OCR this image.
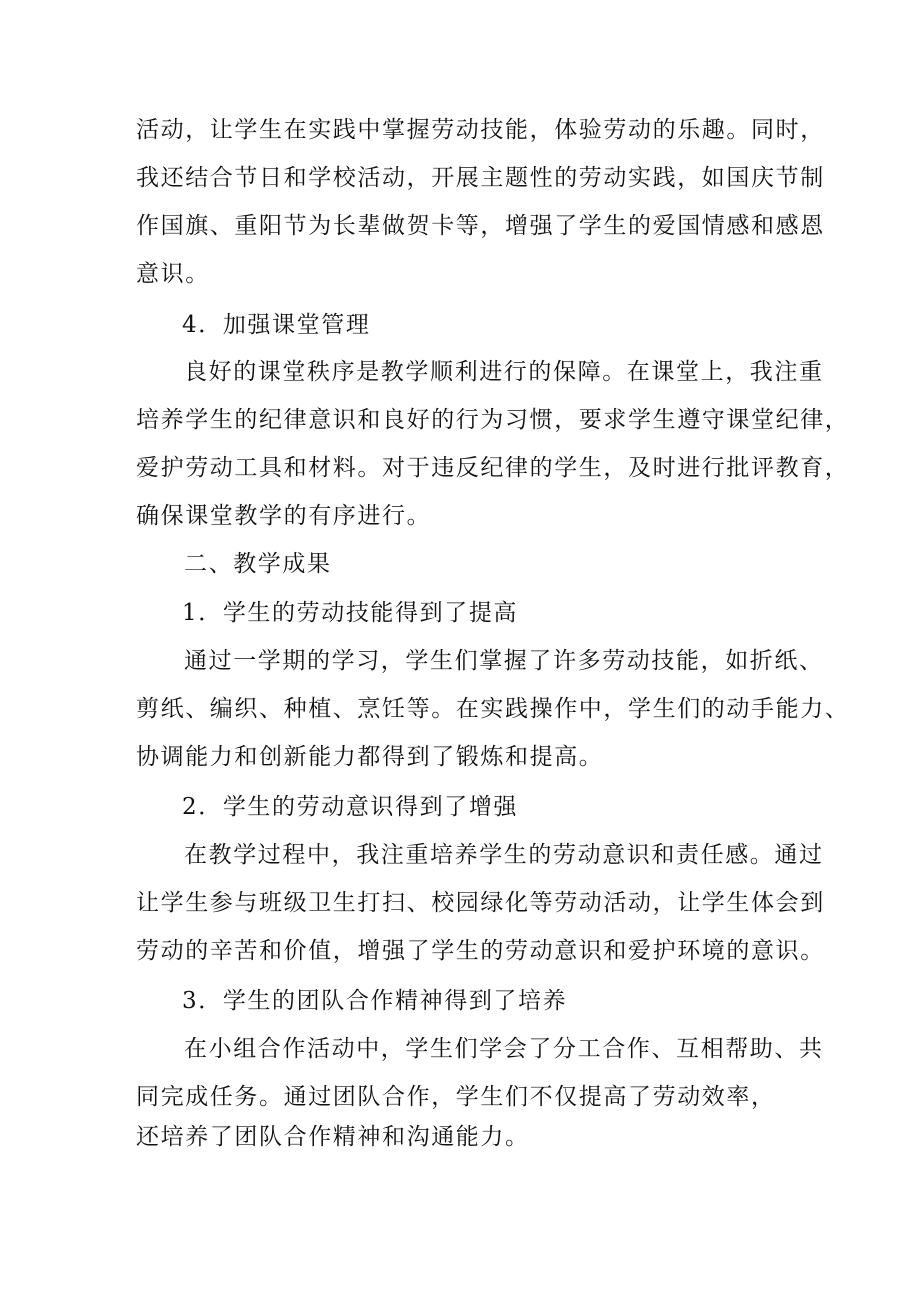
活动，让学生在实践中掌握劳动技能，体验劳动的乐趣。同时，
我还结合节日和学校活动，开展主题性的劳动实践，如国庆节制
作国旗、重阳节为长辈做贺卡等，增强了学生的爱国情感和感恩
意识。
4．加强课堂管理
良好的课堂秩序是教学顺利进行的保障。在课堂上，我注重
培养学生的纪律意识和良好的行为习惯，要求学生遵守课堂纪律，
爱护劳动工具和材料。对于违反纪律的学生，及时进行批评教育，
确保课堂教学的有序进行。
二、教学成果
1．学生的劳动技能得到了提高
通过一学期的学习，学生们掌握了许多劳动技能，如折纸、
剪纸、编织、种植、烹饪等。在实践操作中，学生们的动手能力、
协调能力和创新能力都得到了锻炼和提高。
2．学生的劳动意识得到了增强
在教学过程中，我注重培养学生的劳动意识和责任感。通过
让学生参与班级卫生打扫、校园绿化等劳动活动，让学生体会到
劳动的辛苦和价值，增强了学生的劳动意识和爱护环境的意识。
3．学生的团队合作精神得到了培养
在小组合作活动中，学生们学会了分工合作、互相帮助、共
同完成任务。通过团队合作，学生们不仅提高了劳动效率，
还培养了团队合作精神和沟通能力。
